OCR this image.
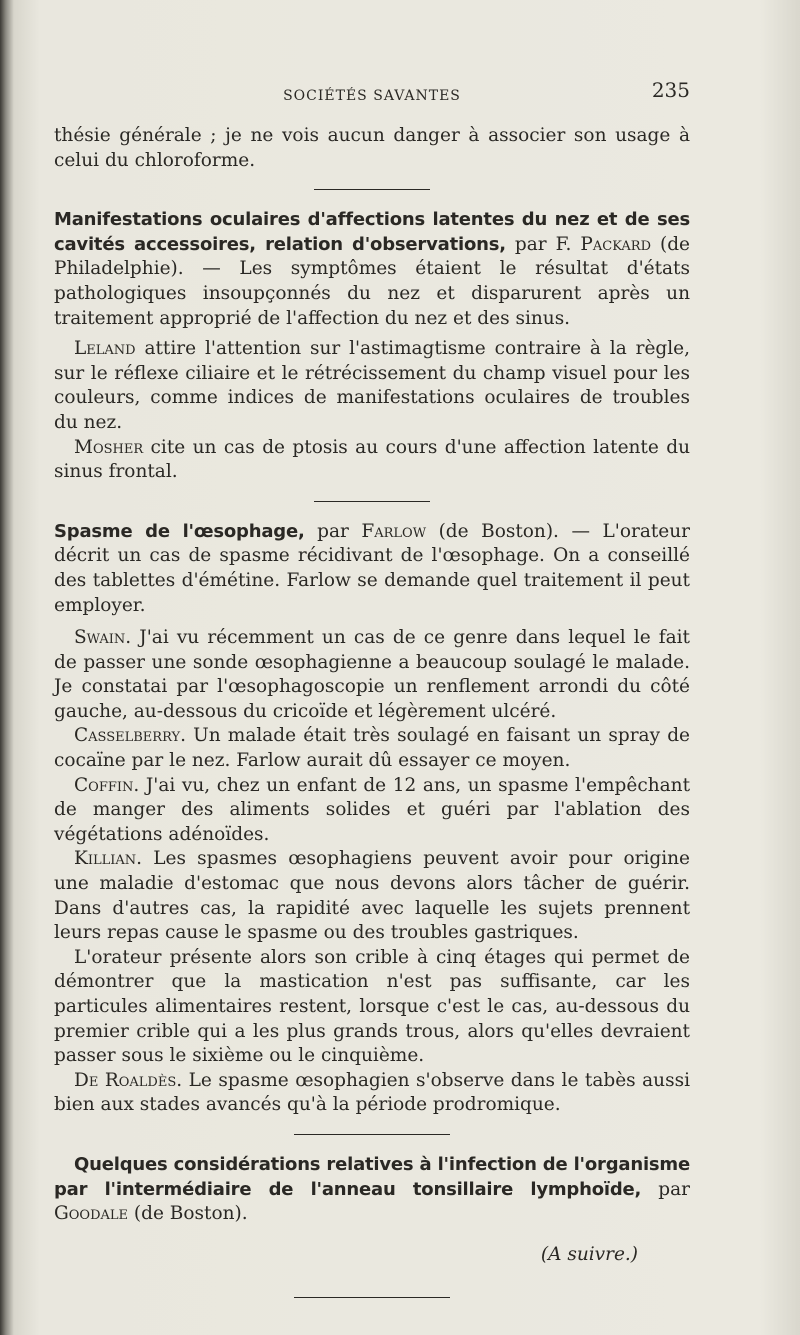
SOCIÉTÉS SAVANTES	235

thésie générale ; je ne vois aucun danger à associer son usage à celui du chloroforme.

Manifestations oculaires d'affections latentes du nez et de ses cavités accessoires, relation d'observations, par F. Packard (de Philadelphie). — Les symptômes étaient le résultat d'états pathologiques insoupçonnés du nez et disparurent après un traitement approprié de l'affection du nez et des sinus.

Leland attire l'attention sur l'astimagtisme contraire à la règle, sur le réflexe ciliaire et le rétrécissement du champ visuel pour les couleurs, comme indices de manifestations oculaires de troubles du nez.

Mosher cite un cas de ptosis au cours d'une affection latente du sinus frontal.

Spasme de l'œsophage, par Farlow (de Boston). — L'orateur décrit un cas de spasme récidivant de l'œsophage. On a conseillé des tablettes d'émétine. Farlow se demande quel traitement il peut employer.

Swain. J'ai vu récemment un cas de ce genre dans lequel le fait de passer une sonde œsophagienne a beaucoup soulagé le malade. Je constatai par l'œsophagoscopie un renflement arrondi du côté gauche, au-dessous du cricoïde et légèrement ulcéré.

Casselberry. Un malade était très soulagé en faisant un spray de cocaïne par le nez. Farlow aurait dû essayer ce moyen.

Coffin. J'ai vu, chez un enfant de 12 ans, un spasme l'empêchant de manger des aliments solides et guéri par l'ablation des végétations adénoïdes.

Killian. Les spasmes œsophagiens peuvent avoir pour origine une maladie d'estomac que nous devons alors tâcher de guérir. Dans d'autres cas, la rapidité avec laquelle les sujets prennent leurs repas cause le spasme ou des troubles gastriques.

L'orateur présente alors son crible à cinq étages qui permet de démontrer que la mastication n'est pas suffisante, car les particules alimentaires restent, lorsque c'est le cas, au-dessous du premier crible qui a les plus grands trous, alors qu'elles devraient passer sous le sixième ou le cinquième.

De Roaldès. Le spasme œsophagien s'observe dans le tabès aussi bien aux stades avancés qu'à la période prodromique.

Quelques considérations relatives à l'infection de l'organisme par l'intermédiaire de l'anneau tonsillaire lymphoïde, par Goodale (de Boston).

(A suivre.)
